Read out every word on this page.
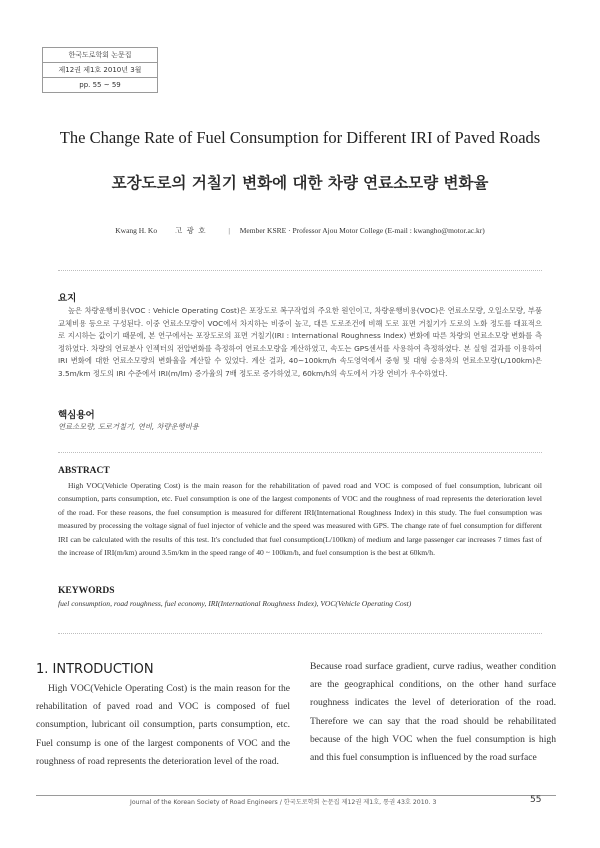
한국도로학회 논문집
제12권 제1호 2010년 3월
pp. 55 ~ 59
The Change Rate of Fuel Consumption for Different IRI of Paved Roads
포장도로의 거칠기 변화에 대한 차량 연료소모량 변화율
Kwang H. Ko 고 광 호	| Member KSRE · Professor Ajou Motor College (E-mail : kwangho@motor.ac.kr)
요지
높은 차량운행비용(VOC : Vehicle Operating Cost)은 포장도로 복구작업의 주요한 원인이고, 차량운행비용(VOC)은 연료소모량, 오일소모량, 부품교체비용 등으로 구성된다. 이중 연료소모량이 VOC에서 차지하는 비중이 높고, 대른 도로조건에 비해 도로 표면 거칠기가 도로의 노화 정도를 대표적으로 지시하는 값이기 때문에, 본 연구에서는 포장도로의 표면 거칠기(IRI : International Roughness Index) 변화에 따른 차량의 연료소모량 변화를 측정하였다. 차량의 연료분사 인젝터의 전압변화를 측정하여 연료소모량을 계산하였고, 속도는 GPS센서를 사용하여 측정하였다. 본 실험 결과를 이용하여 IRI 변화에 대한 연료소모량의 변화율을 계산할 수 있었다. 계산 결과, 40~100km/h 속도영역에서 중형 및 대형 승용차의 연료소모량(L/100km)은 3.5m/km 정도의 IRI 수준에서 IRI(m/lm) 증가율의 7배 정도로 증가하였고, 60km/h의 속도에서 가장 연비가 우수하였다.
핵심용어
연료소모량, 도로거칠기, 연비, 차량운행비용
ABSTRACT
High VOC(Vehicle Operating Cost) is the main reason for the rehabilitation of paved road and VOC is composed of fuel consumption, lubricant oil consumption, parts consumption, etc. Fuel consumption is one of the largest components of VOC and the roughness of road represents the deterioration level of the road. For these reasons, the fuel consumption is measured for different IRI(International Roughness Index) in this study. The fuel consumption was measured by processing the voltage signal of fuel injector of vehicle and the speed was measured with GPS. The change rate of fuel consumption for different IRI can be calculated with the results of this test. It's concluded that fuel consumption(L/100km) of medium and large passenger car increases 7 times fast of the increase of IRI(m/km) around 3.5m/km in the speed range of 40 ~ 100km/h, and fuel consumption is the best at 60km/h.
KEYWORDS
fuel consumption, road roughness, fuel economy, IRI(International Roughness Index), VOC(Vehicle Operating Cost)
1. INTRODUCTION
High VOC(Vehicle Operating Cost) is the main reason for the rehabilitation of paved road and VOC is composed of fuel consumption, lubricant oil consumption, parts consumption, etc. Fuel consump is one of the largest components of VOC and the roughness of road represents the deterioration level of the road.
Because road surface gradient, curve radius, weather condition are the geographical conditions, on the other hand surface roughness indicates the level of deterioration of the road. Therefore we can say that the road should be rehabilitated because of the high VOC when the fuel consumption is high and this fuel consumption is influenced by the road surface
Journal of the Korean Society of Road Engineers / 한국도로학회 논문집 제12권 제1호, 통권 43호 2010. 3	55
